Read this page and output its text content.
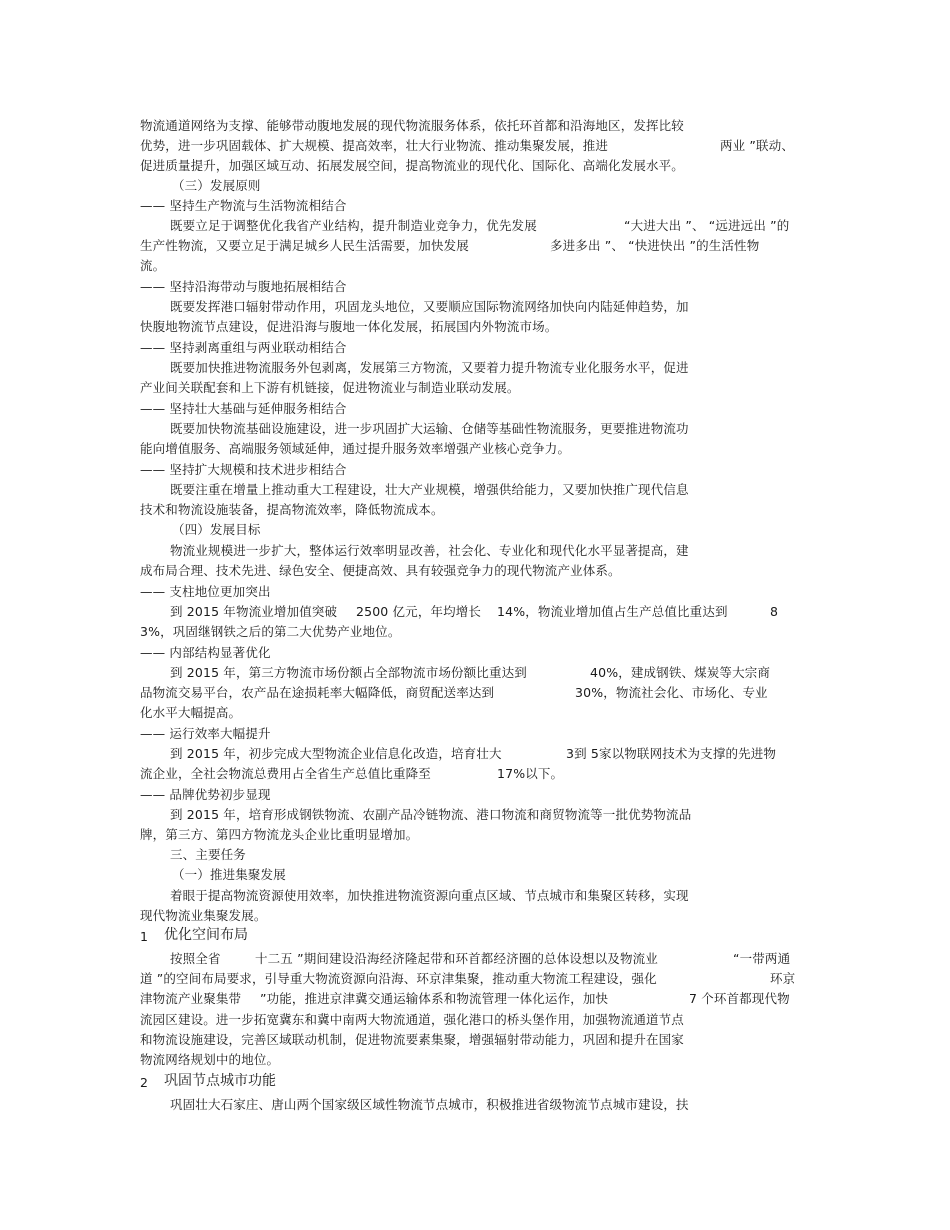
物流通道网络为支撑、能够带动腹地发展的现代物流服务体系，依托环首都和沿海地区，发挥比较
优势，进一步巩固载体、扩大规模、提高效率，壮大行业物流、推动集聚发展，推进	两业 ”联动、
促进质量提升，加强区域互动、拓展发展空间，提高物流业的现代化、国际化、高端化发展水平。
（三）发展原则
—— 坚持生产物流与生活物流相结合
既要立足于调整优化我省产业结构，提升制造业竞争力，优先发展	“大进大出 ”、 “远进远出 ”的
生产性物流，又要立足于满足城乡人民生活需要，加快发展	多进多出 ”、 “快进快出 ”的生活性物
流。
—— 坚持沿海带动与腹地拓展相结合
既要发挥港口辐射带动作用，巩固龙头地位，又要顺应国际物流网络加快向内陆延伸趋势，加
快腹地物流节点建设，促进沿海与腹地一体化发展，拓展国内外物流市场。
—— 坚持剥离重组与两业联动相结合
既要加快推进物流服务外包剥离，发展第三方物流，又要着力提升物流专业化服务水平，促进
产业间关联配套和上下游有机链接，促进物流业与制造业联动发展。
—— 坚持壮大基础与延伸服务相结合
既要加快物流基础设施建设，进一步巩固扩大运输、仓储等基础性物流服务，更要推进物流功
能向增值服务、高端服务领域延伸，通过提升服务效率增强产业核心竞争力。
—— 坚持扩大规模和技术进步相结合
既要注重在增量上推动重大工程建设，壮大产业规模，增强供给能力，又要加快推广现代信息
技术和物流设施装备，提高物流效率，降低物流成本。
（四）发展目标
物流业规模进一步扩大，整体运行效率明显改善，社会化、专业化和现代化水平显著提高，建
成布局合理、技术先进、绿色安全、便捷高效、具有较强竞争力的现代物流产业体系。
—— 支柱地位更加突出
到 2015 年物流业增加值突破 2500 亿元，年均增长 14%，物流业增加值占生产总值比重达到	8
3%，巩固继钢铁之后的第二大优势产业地位。
—— 内部结构显著优化
到 2015 年，第三方物流市场份额占全部物流市场份额比重达到	40%，建成钢铁、煤炭等大宗商
品物流交易平台，农产品在途损耗率大幅降低，商贸配送率达到	30%，物流社会化、市场化、专业
化水平大幅提高。
—— 运行效率大幅提升
到 2015 年，初步完成大型物流企业信息化改造，培育壮大	3到 5家以物联网技术为支撑的先进物
流企业，全社会物流总费用占全省生产总值比重降至	17%以下。
—— 品牌优势初步显现
到 2015 年，培育形成钢铁物流、农副产品冷链物流、港口物流和商贸物流等一批优势物流品
牌，第三方、第四方物流龙头企业比重明显增加。
三、主要任务
（一）推进集聚发展
着眼于提高物流资源使用效率，加快推进物流资源向重点区域、节点城市和集聚区转移，实现
现代物流业集聚发展。
1 优化空间布局
按照全省	十二五 ”期间建设沿海经济隆起带和环首都经济圈的总体设想以及物流业	“一带两通
道 ”的空间布局要求，引导重大物流资源向沿海、环京津集聚，推动重大物流工程建设，强化	环京
津物流产业聚集带 ”功能，推进京津冀交通运输体系和物流管理一体化运作，加快	7 个环首都现代物
流园区建设。进一步拓宽冀东和冀中南两大物流通道，强化港口的桥头堡作用，加强物流通道节点
和物流设施建设，完善区域联动机制，促进物流要素集聚，增强辐射带动能力，巩固和提升在国家
物流网络规划中的地位。
2 巩固节点城市功能
巩固壮大石家庄、唐山两个国家级区域性物流节点城市，积极推进省级物流节点城市建设，扶
